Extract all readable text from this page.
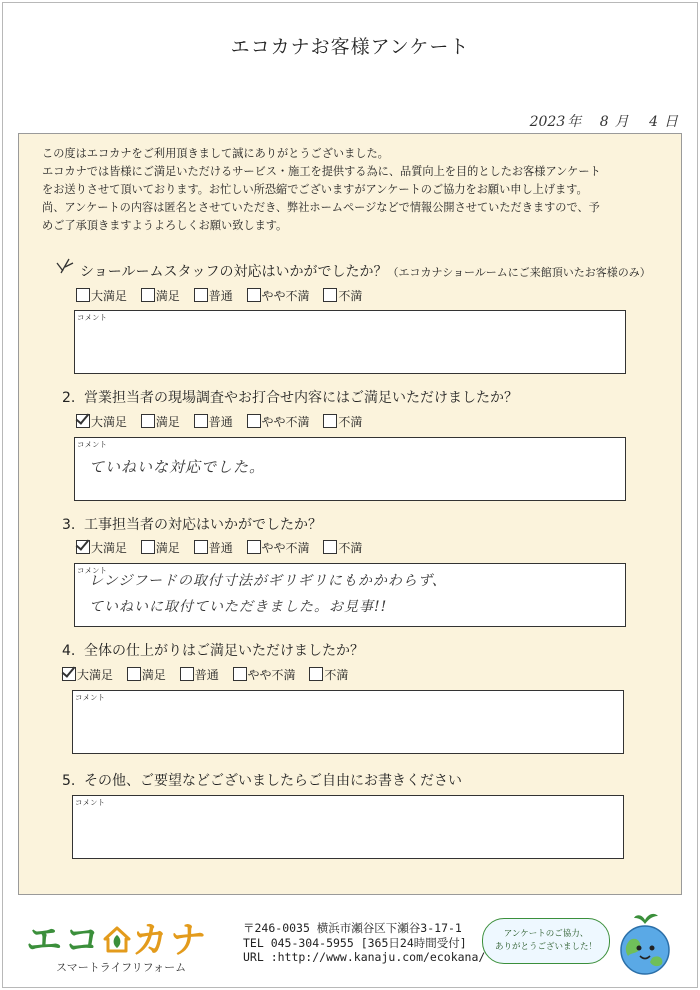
エコカナお客様アンケート
2023 年 8 月 4 日

この度はエコカナをご利用頂きまして誠にありがとうございました。

エコカナでは皆様にご満足いただけるサービス・施工を提供する為に、品質向上を目的としたお客様アンケート

をお送りさせて頂いております。お忙しい所恐縮でございますがアンケートのご協力をお願い申し上げます。

尚、アンケートの内容は匿名とさせていただき、弊社ホームページなどで情報公開させていただきますので、予

めご了承頂きますようよろしくお願い致します。

ショールームスタッフの対応はいかがでしたか？（エコカナショールームにご来館頂いたお客様のみ）
大満足 満足 普通 やや不満 不満
コメント
2. 営業担当者の現場調査やお打合せ内容にはご満足いただけましたか？
大満足 満足 普通 やや不満 不満
コメント
ていねいな対応でした。
3. 工事担当者の対応はいかがでしたか？
大満足 満足 普通 やや不満 不満
コメント
レンジフードの取付寸法がギリギリにもかかわらず、
ていねいに取付ていただきました。お見事!!
4. 全体の仕上がりはご満足いただけましたか？
大満足 満足 普通 やや不満 不満
コメント
5. その他、ご要望などございましたらご自由にお書きください
コメント
エコ カナ
スマートライフリフォーム
〒246-0035 横浜市瀬谷区下瀬谷3-17-1
TEL 045-304-5955 [365日24時間受付]
URL :http://www.kanaju.com/ecokana/
アンケートのご協力、
ありがとうございました！
